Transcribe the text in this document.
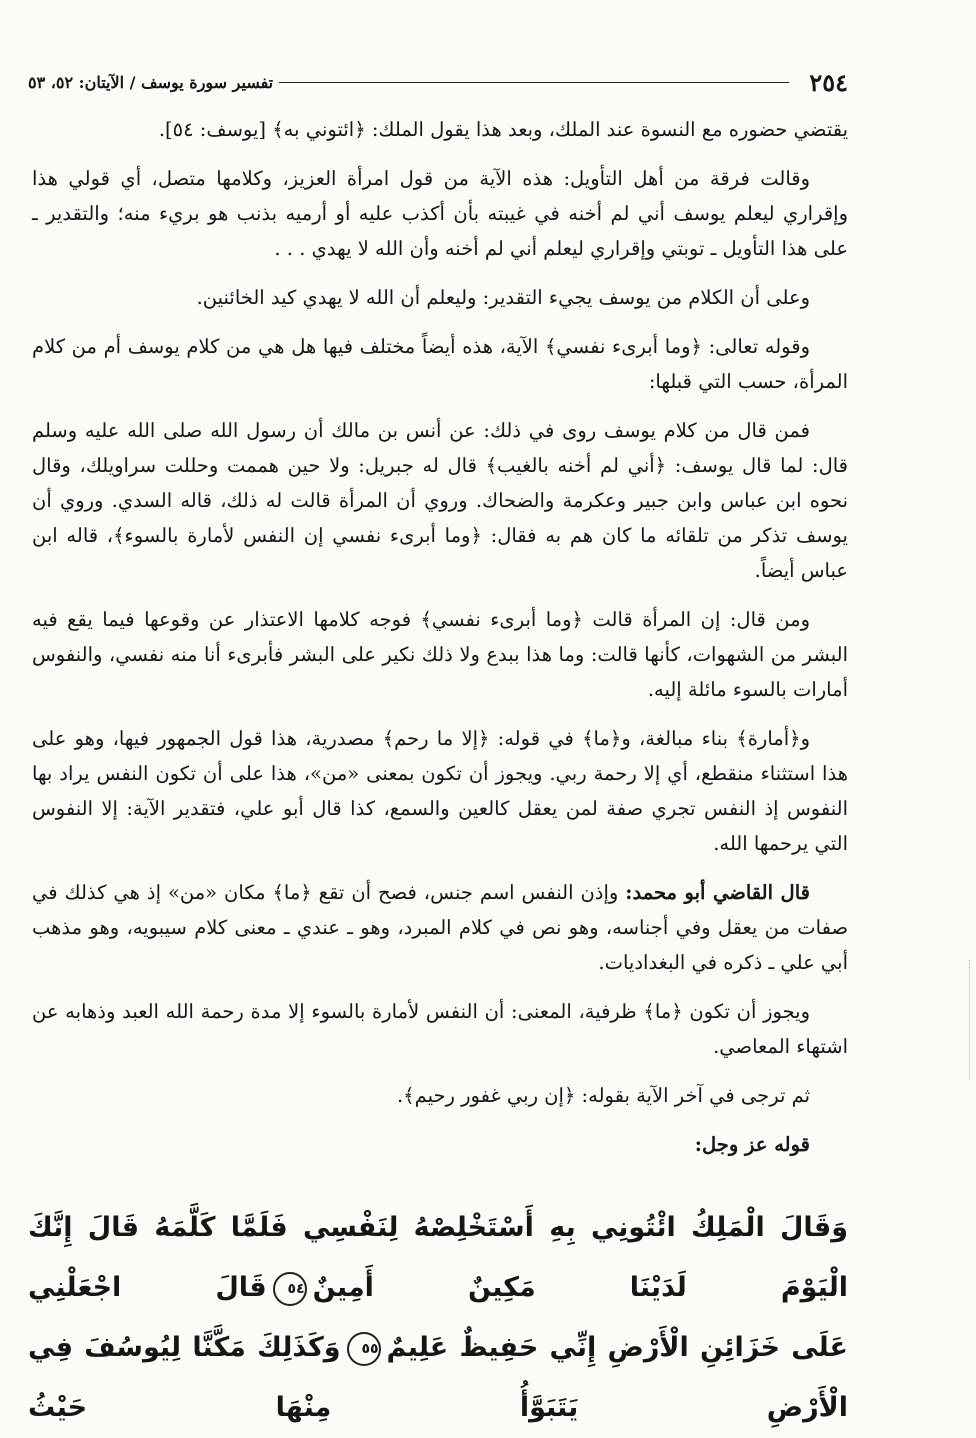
٢٥٤
تفسير سورة يوسف / الآيتان: ٥٢، ٥٣

يقتضي حضوره مع النسوة عند الملك، وبعد هذا يقول الملك: ﴿ائتوني به﴾ [يوسف: ٥٤].

وقالت فرقة من أهل التأويل: هذه الآية من قول امرأة العزيز، وكلامها متصل، أي قولي هذا وإقراري ليعلم يوسف أني لم أخنه في غيبته بأن أكذب عليه أو أرميه بذنب هو بريء منه؛ والتقدير ـ على هذا التأويل ـ توبتي وإقراري ليعلم أني لم أخنه وأن الله لا يهدي . . .

وعلى أن الكلام من يوسف يجيء التقدير: وليعلم أن الله لا يهدي كيد الخائنين.

وقوله تعالى: ﴿وما أبرىء نفسي﴾ الآية، هذه أيضاً مختلف فيها هل هي من كلام يوسف أم من كلام المرأة، حسب التي قبلها:

فمن قال من كلام يوسف روى في ذلك: عن أنس بن مالك أن رسول الله صلى الله عليه وسلم قال: لما قال يوسف: ﴿أني لم أخنه بالغيب﴾ قال له جبريل: ولا حين هممت وحللت سراويلك، وقال نحوه ابن عباس وابن جبير وعكرمة والضحاك. وروي أن المرأة قالت له ذلك، قاله السدي. وروي أن يوسف تذكر من تلقائه ما كان هم به فقال: ﴿وما أبرىء نفسي إن النفس لأمارة بالسوء﴾، قاله ابن عباس أيضاً.

ومن قال: إن المرأة قالت ﴿وما أبرىء نفسي﴾ فوجه كلامها الاعتذار عن وقوعها فيما يقع فيه البشر من الشهوات، كأنها قالت: وما هذا ببدع ولا ذلك نكير على البشر فأبرىء أنا منه نفسي، والنفوس أمارات بالسوء مائلة إليه.

و﴿أمارة﴾ بناء مبالغة، و﴿ما﴾ في قوله: ﴿إلا ما رحم﴾ مصدرية، هذا قول الجمهور فيها، وهو على هذا استثناء منقطع، أي إلا رحمة ربي. ويجوز أن تكون بمعنى «من»، هذا على أن تكون النفس يراد بها النفوس إذ النفس تجري صفة لمن يعقل كالعين والسمع، كذا قال أبو علي، فتقدير الآية: إلا النفوس التي يرحمها الله.

قال القاضي أبو محمد: وإذن النفس اسم جنس، فصح أن تقع ﴿ما﴾ مكان «من» إذ هي كذلك في صفات من يعقل وفي أجناسه، وهو نص في كلام المبرد، وهو ـ عندي ـ معنى كلام سيبويه، وهو مذهب أبي علي ـ ذكره في البغداديات.

ويجوز أن تكون ﴿ما﴾ ظرفية، المعنى: أن النفس لأمارة بالسوء إلا مدة رحمة الله العبد وذهابه عن اشتهاء المعاصي.

ثم ترجى في آخر الآية بقوله: ﴿إن ربي غفور رحيم﴾.

قوله عز وجل:

وَقَالَ الْمَلِكُ ائْتُونِي بِهِ أَسْتَخْلِصْهُ لِنَفْسِي فَلَمَّا كَلَّمَهُ قَالَ إِنَّكَ الْيَوْمَ لَدَيْنَا مَكِينٌ أَمِينٌ٥٤قَالَ اجْعَلْنِي
عَلَى خَزَائِنِ الْأَرْضِ إِنِّي حَفِيظٌ عَلِيمٌ٥٥وَكَذَلِكَ مَكَّنَّا لِيُوسُفَ فِي الْأَرْضِ يَتَبَوَّأُ مِنْهَا حَيْثُ
